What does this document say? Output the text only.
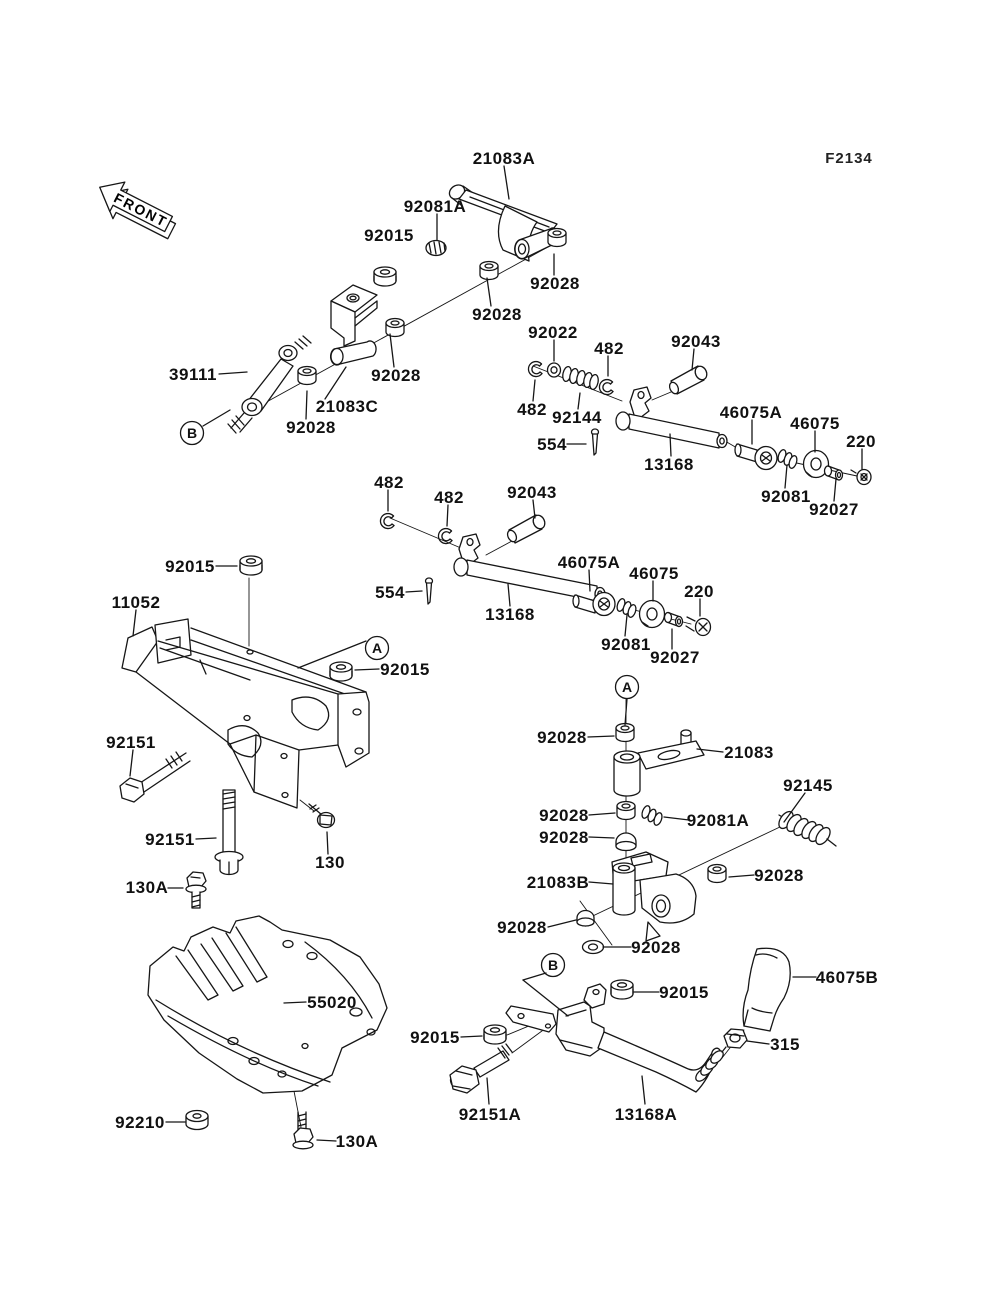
FRONT
F2134
21083A
92081A
92015
92028
92028
92022
482	92043
39111	92028
21083C
92028
482 92144
554
46075A
46075
220
13168
92081
92027
482
482	92043
554
13168
46075A
46075
220
92081
92027
92015
11052
92015
92151
92151
130
130A
55020
92210
130A
92028
21083
92145
92028	92081A
92028
21083B	92028
92028
92028
92015
46075B
92015	315
92151A	13168A
B
A
A
B
